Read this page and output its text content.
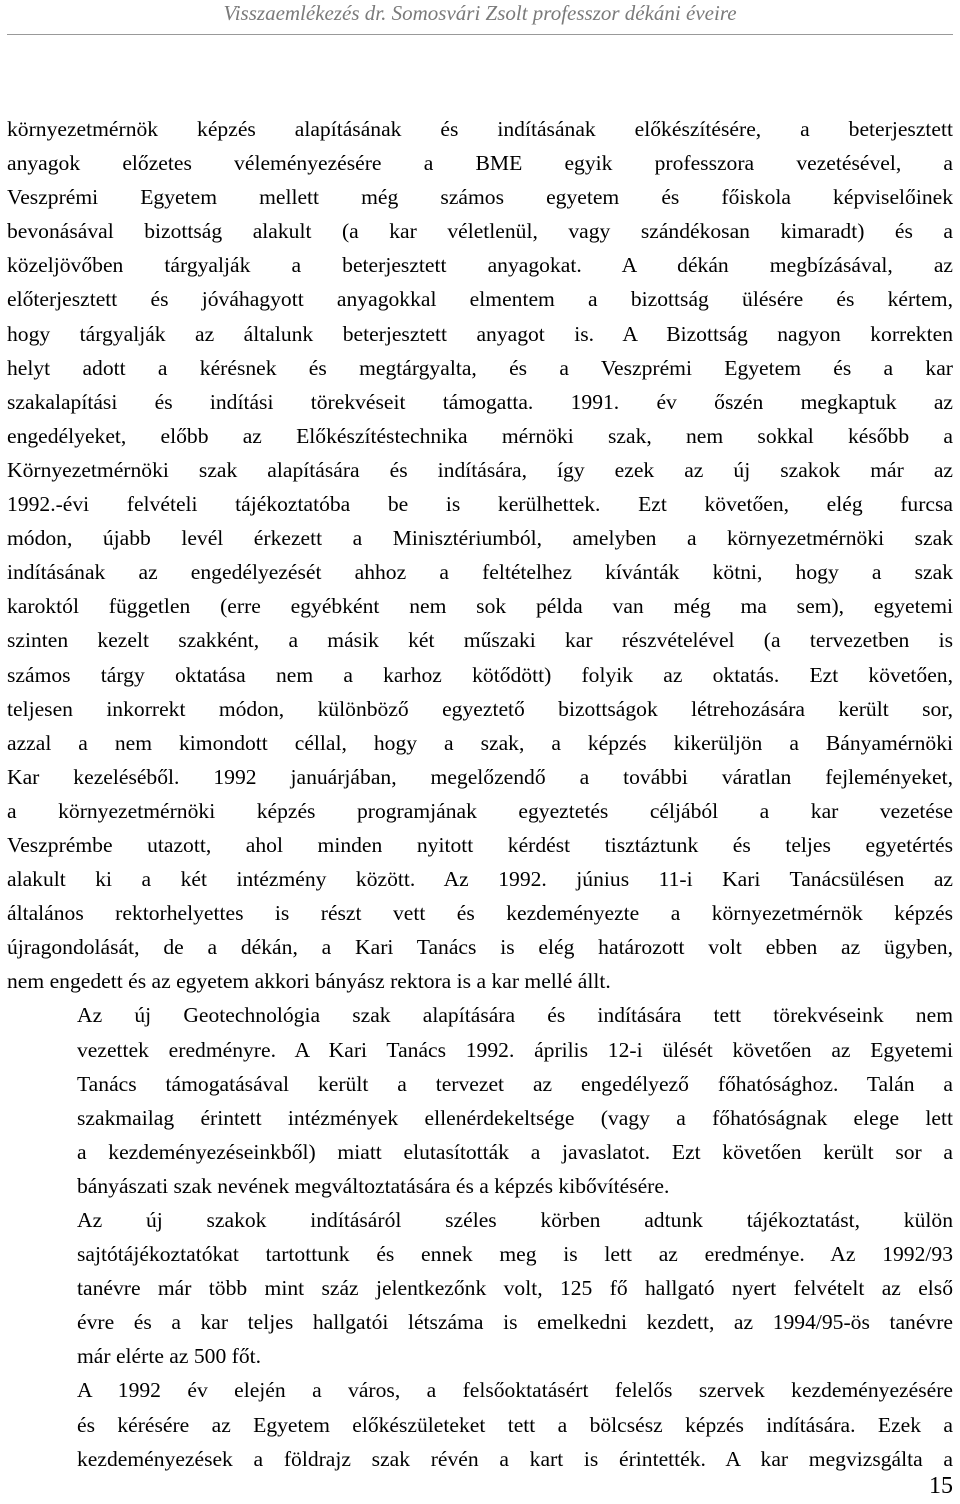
Visszaemlékezés dr. Somosvári Zsolt professzor dékáni éveire

környezetmérnök képzés alapításának és indításának előkészítésére, a beterjesztett
anyagok előzetes véleményezésére a BME egyik professzora vezetésével, a
Veszprémi Egyetem mellett még számos egyetem és főiskola képviselőinek
bevonásával bizottság alakult (a kar véletlenül, vagy szándékosan kimaradt) és a
közeljövőben tárgyalják a beterjesztett anyagokat. A dékán megbízásával, az
előterjesztett és jóváhagyott anyagokkal elmentem a bizottság ülésére és kértem,
hogy tárgyalják az általunk beterjesztett anyagot is. A Bizottság nagyon korrekten
helyt adott a kérésnek és megtárgyalta, és a Veszprémi Egyetem és a kar
szakalapítási és indítási törekvéseit támogatta. 1991. év őszén megkaptuk az
engedélyeket, előbb az Előkészítéstechnika mérnöki szak, nem sokkal később a
Környezetmérnöki szak alapítására és indítására, így ezek az új szakok már az
1992.-évi felvételi tájékoztatóba be is kerülhettek. Ezt követően, elég furcsa
módon, újabb levél érkezett a Minisztériumból, amelyben a környezetmérnöki szak
indításának az engedélyezését ahhoz a feltételhez kívánták kötni, hogy a szak
karoktól független (erre egyébként nem sok példa van még ma sem), egyetemi
szinten kezelt szakként, a másik két műszaki kar részvételével (a tervezetben is
számos tárgy oktatása nem a karhoz kötődött) folyik az oktatás. Ezt követően,
teljesen inkorrekt módon, különböző egyeztető bizottságok létrehozására került sor,
azzal a nem kimondott céllal, hogy a szak, a képzés kikerüljön a Bányamérnöki
Kar kezeléséből. 1992 januárjában, megelőzendő a további váratlan fejleményeket,
a környezetmérnöki képzés programjának egyeztetés céljából a kar vezetése
Veszprémbe utazott, ahol minden nyitott kérdést tisztáztunk és teljes egyetértés
alakult ki a két intézmény között. Az 1992. június 11-i Kari Tanácsülésen az
általános rektorhelyettes is részt vett és kezdeményezte a környezetmérnök képzés
újragondolását, de a dékán, a Kari Tanács is elég határozott volt ebben az ügyben,
nem engedett és az egyetem akkori bányász rektora is a kar mellé állt.

Az új Geotechnológia szak alapítására és indítására tett törekvéseink nem
vezettek eredményre. A Kari Tanács 1992. április 12-i ülését követően az Egyetemi
Tanács támogatásával került a tervezet az engedélyező főhatósághoz. Talán a
szakmailag érintett intézmények ellenérdekeltsége (vagy a főhatóságnak elege lett
a kezdeményezéseinkből) miatt elutasították a javaslatot. Ezt követően került sor a
bányászati szak nevének megváltoztatására és a képzés kibővítésére.

Az új szakok indításáról széles körben adtunk tájékoztatást, külön
sajtótájékoztatókat tartottunk és ennek meg is lett az eredménye. Az 1992/93
tanévre már több mint száz jelentkezőnk volt, 125 fő hallgató nyert felvételt az első
évre és a kar teljes hallgatói létszáma is emelkedni kezdett, az 1994/95-ös tanévre
már elérte az 500 főt.

A 1992 év elején a város, a felsőoktatásért felelős szervek kezdeményezésére
és kérésére az Egyetem előkészületeket tett a bölcsész képzés indítására. Ezek a
kezdeményezések a földrajz szak révén a kart is érintették. A kar megvizsgálta a

15
